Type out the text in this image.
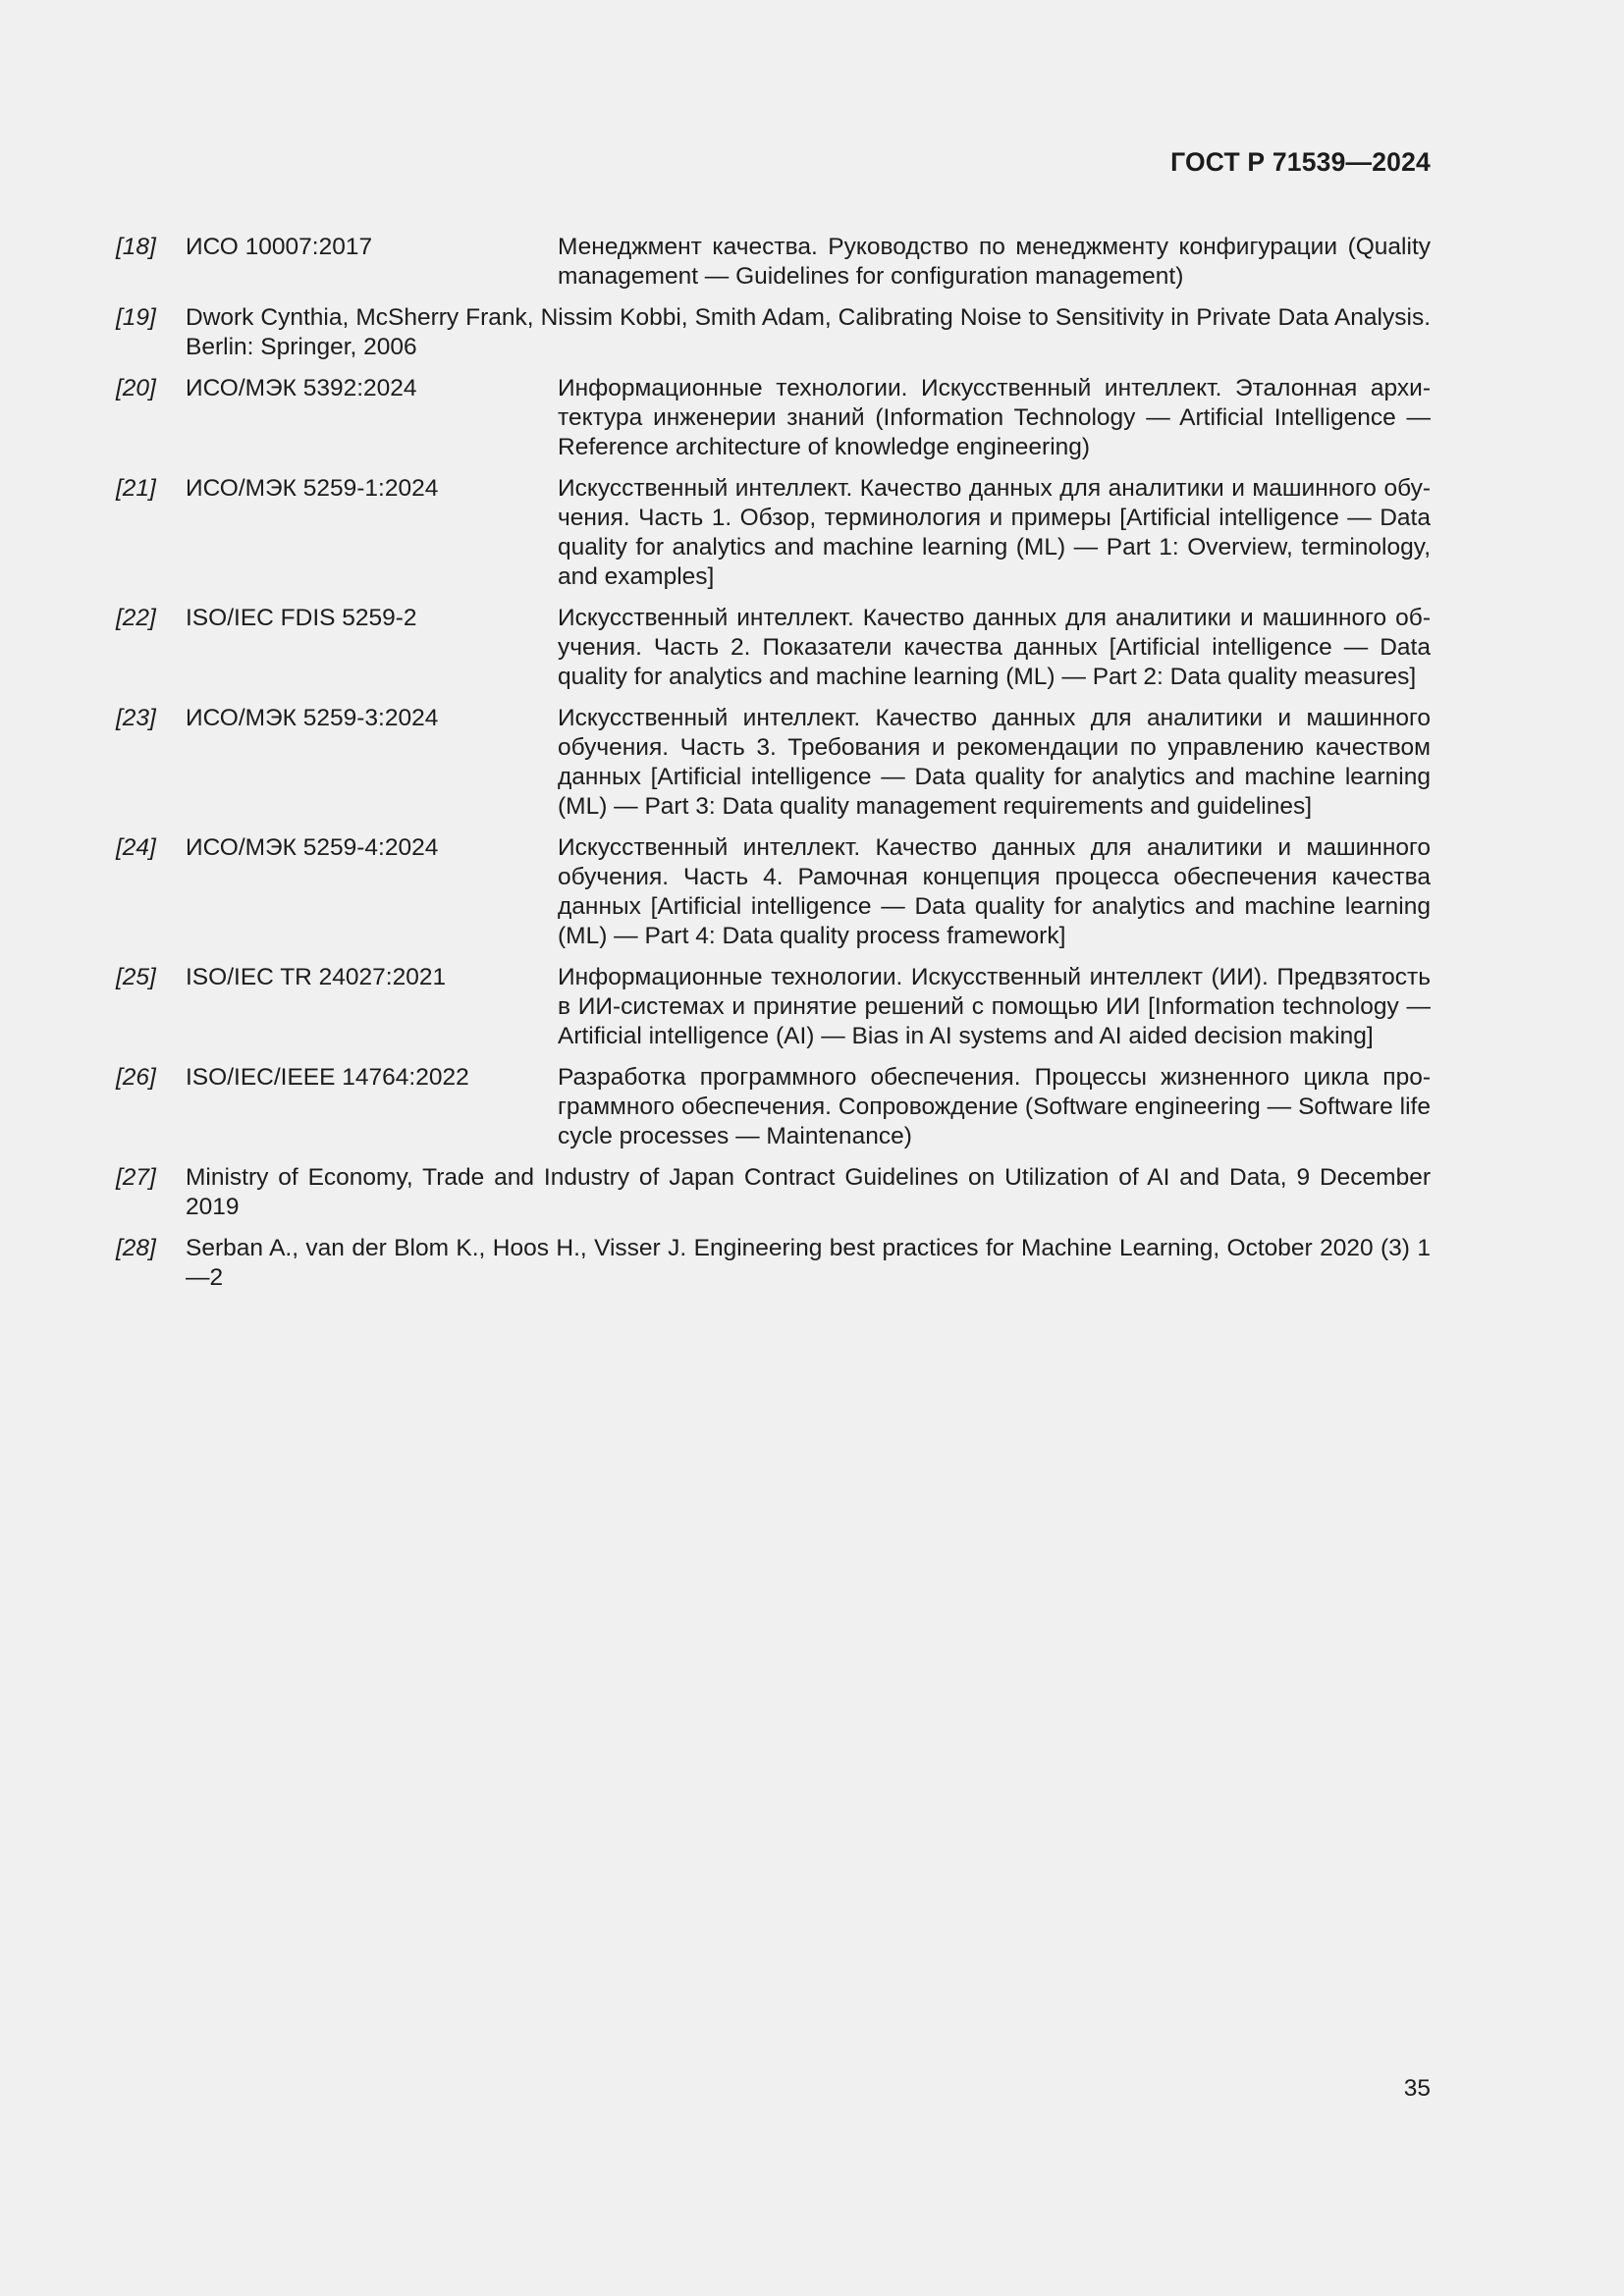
ГОСТ Р 71539—2024
[18]	ИСО 10007:2017	Менеджмент качества. Руководство по менеджменту конфигурации (Quality management — Guidelines for configuration management)
[19]	Dwork Cynthia, McSherry Frank, Nissim Kobbi, Smith Adam, Calibrating Noise to Sensitivity in Private Data Analysis. Berlin: Springer, 2006
[20]	ИСО/МЭК 5392:2024	Информационные технологии. Искусственный интеллект. Эталонная архитектура инженерии знаний (Information Technology — Artificial Intelligence — Reference architecture of knowledge engineering)
[21]	ИСО/МЭК 5259-1:2024	Искусственный интеллект. Качество данных для аналитики и машинного обучения. Часть 1. Обзор, терминология и примеры [Artificial intelligence — Data quality for analytics and machine learning (ML) — Part 1: Overview, terminology, and examples]
[22]	ISO/IEC FDIS 5259-2	Искусственный интеллект. Качество данных для аналитики и машинного обучения. Часть 2. Показатели качества данных [Artificial intelligence — Data quality for analytics and machine learning (ML) — Part 2: Data quality measures]
[23]	ИСО/МЭК 5259-3:2024	Искусственный интеллект. Качество данных для аналитики и машинного обучения. Часть 3. Требования и рекомендации по управлению качеством данных [Artificial intelligence — Data quality for analytics and machine learning (ML) — Part 3: Data quality management requirements and guidelines]
[24]	ИСО/МЭК 5259-4:2024	Искусственный интеллект. Качество данных для аналитики и машинного обучения. Часть 4. Рамочная концепция процесса обеспечения качества данных [Artificial intelligence — Data quality for analytics and machine learning (ML) — Part 4: Data quality process framework]
[25]	ISO/IEC TR 24027:2021	Информационные технологии. Искусственный интеллект (ИИ). Предвзятость в ИИ-системах и принятие решений с помощью ИИ [Information technology — Artificial intelligence (AI) — Bias in AI systems and AI aided decision making]
[26]	ISO/IEC/IEEE 14764:2022	Разработка программного обеспечения. Процессы жизненного цикла программного обеспечения. Сопровождение (Software engineering — Software life cycle processes — Maintenance)
[27]	Ministry of Economy, Trade and Industry of Japan Contract Guidelines on Utilization of AI and Data, 9 December 2019
[28]	Serban A., van der Blom K., Hoos H., Visser J. Engineering best practices for Machine Learning, October 2020 (3) 1—2
35
